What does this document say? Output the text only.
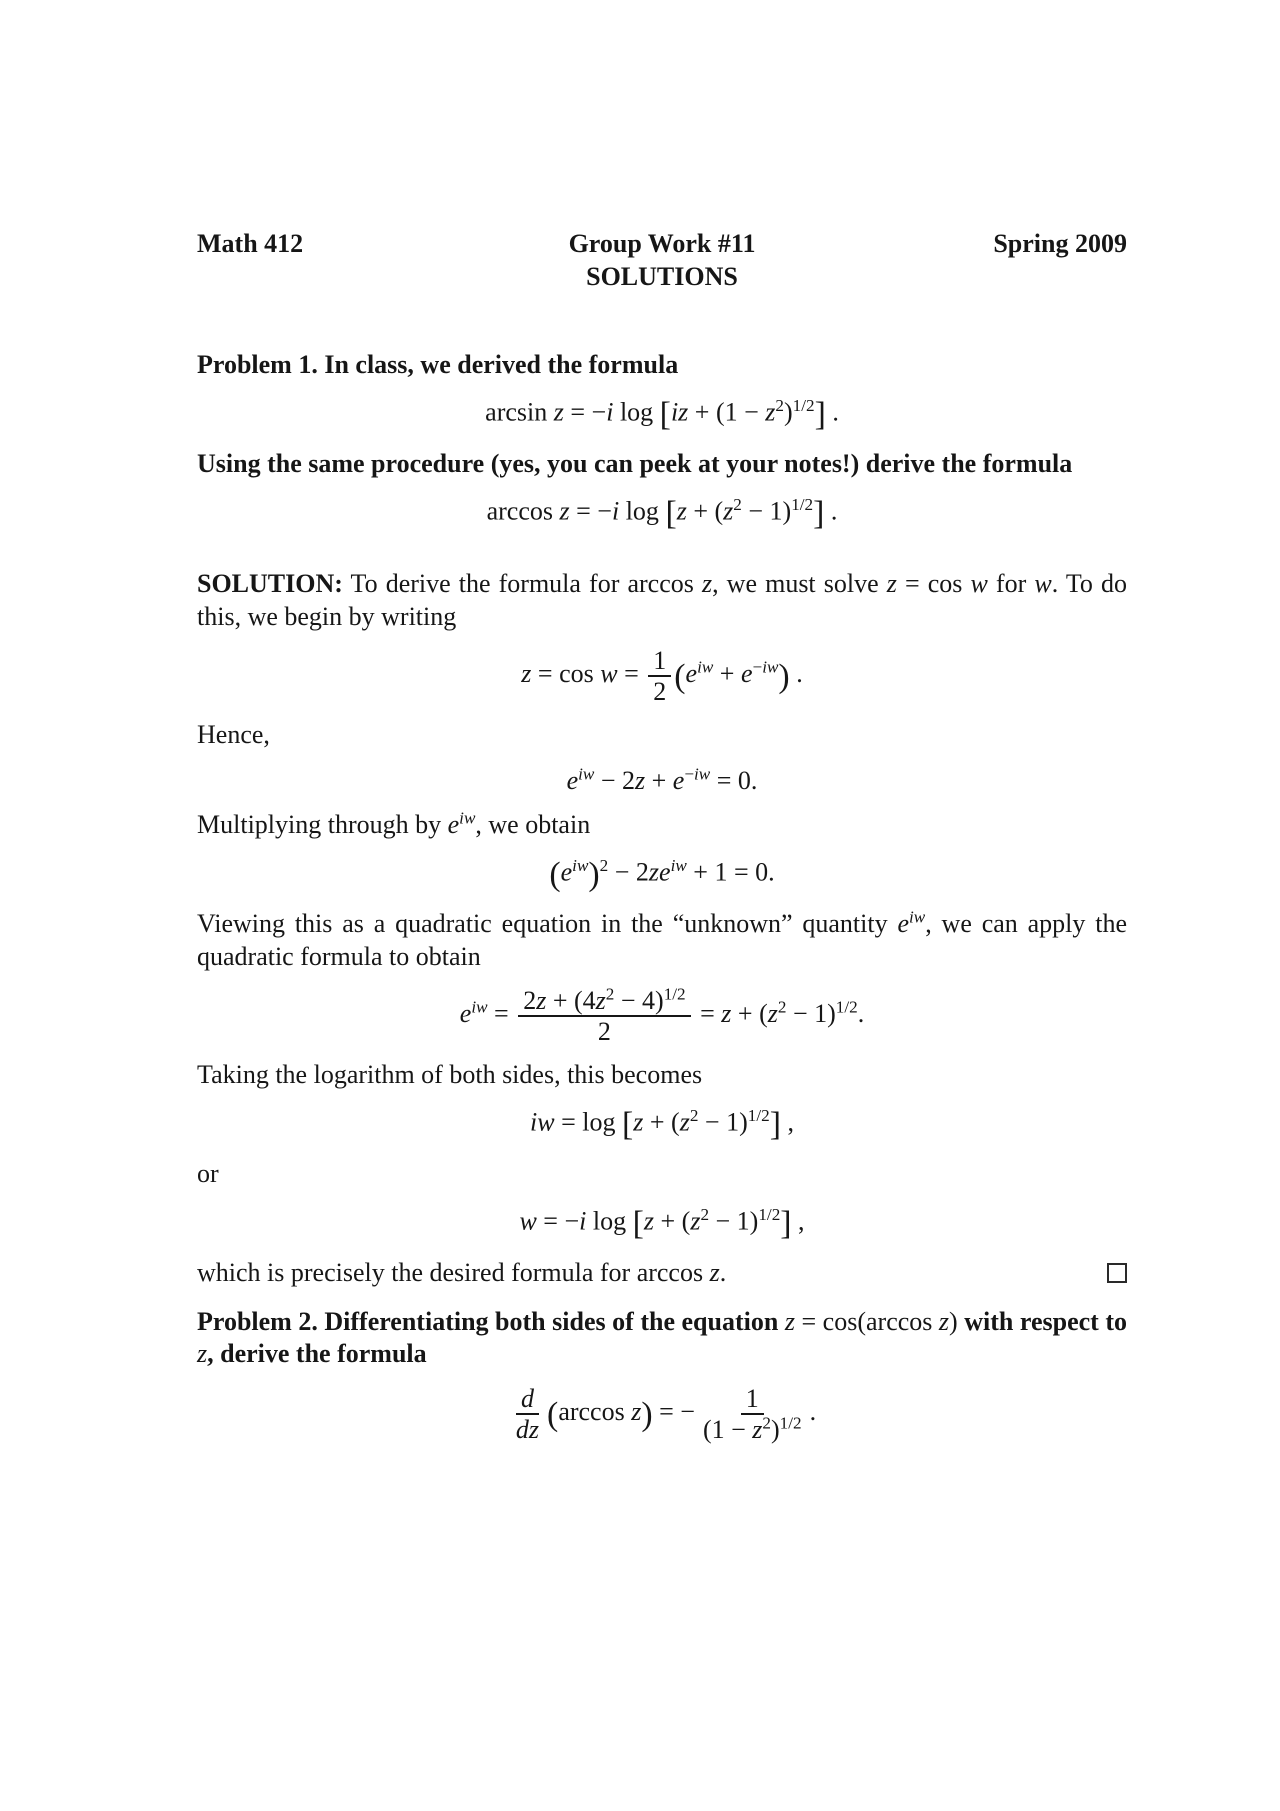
Math 412	Group Work #11
SOLUTIONS
Spring 2009
Problem 1. In class, we derived the formula
arcsin z = −i $\log [iz + (1 - z^2)^{1/2}]$ .
Using the same procedure (yes, you can peek at your notes!) derive the formula
arccos z = −i $\log [z + (z^2 - 1)^{1/2}]$ .
SOLUTION: To derive the formula for arccos z, we must solve z = cos w for w. To do this, we begin by writing
$z = \cos w = \frac{1}{2} (e^{iw} + e^{-iw})$ .
Hence,
$e^{iw} - 2z + e^{-iw} = 0$.
Multiplying through by $e^{iw}$, we obtain
$(e^{iw})^2 - 2ze^{iw} + 1 = 0$.
Viewing this as a quadratic equation in the “unknown” quantity $e^{iw}$, we can apply the quadratic formula to obtain
$e^{iw} = \frac{2z + (4z^2 - 4)^{1/2}}{2} = z + (z^2 - 1)^{1/2}$.
Taking the logarithm of both sides, this becomes
iw = $\log [z + (z^2 - 1)^{1/2}]$ ,
or
w = −i $\log [z + (z^2 - 1)^{1/2}]$ ,
which is precisely the desired formula for arccos z.
Problem 2. Differentiating both sides of the equation z = cos(arccos z) with respect to z, derive the formula
$\frac{d}{dz} (\arccos$ z) = − $\frac{1}{(1 - z^2)^{1/2}}$ .
